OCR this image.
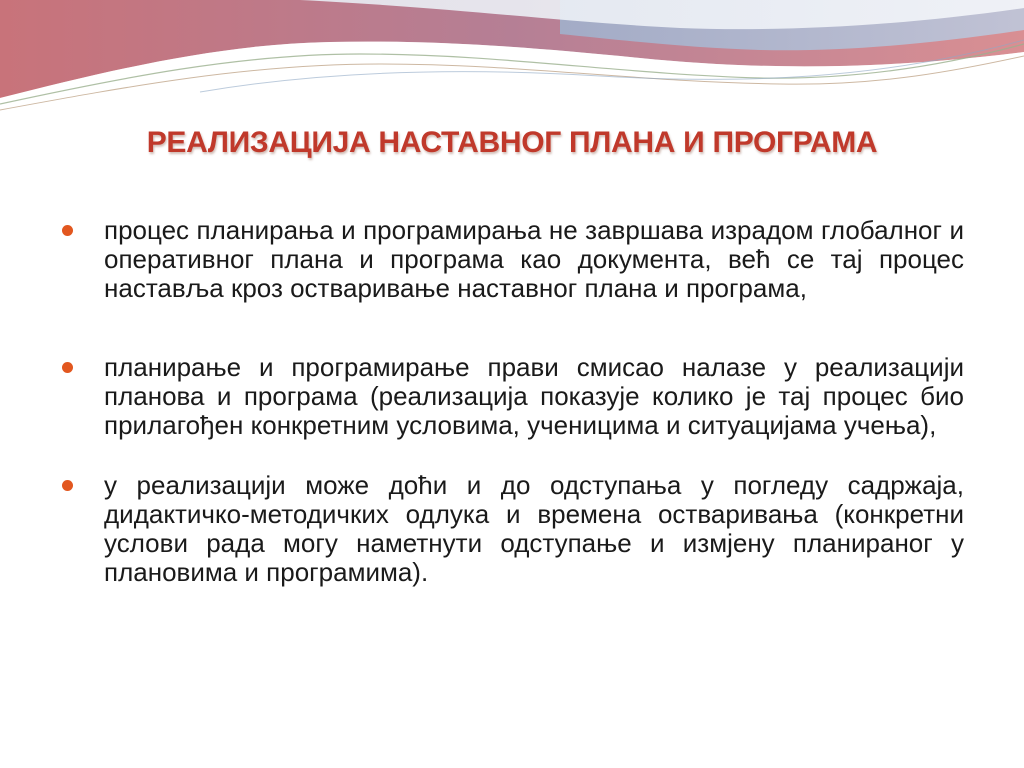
РЕАЛИЗАЦИЈА НАСТАВНОГ ПЛАНА И ПРОГРАМА
процес планирања и програмирања не завршава израдом глобалног и оперативног плана и програма као документа, већ се тај процес наставља кроз остваривање наставног плана и програма,
планирање и програмирање прави смисао налазе у реализацији планова и програма (реализација показује колико је тај процес био прилагођен конкретним условима, ученицима и ситуацијама учења),
у реализацији може доћи и до одступања у погледу садржаја, дидактичко-методичких одлука и времена остваривања (конкретни услови рада могу наметнути одступање и измјену планираног у плановима и програмима).
